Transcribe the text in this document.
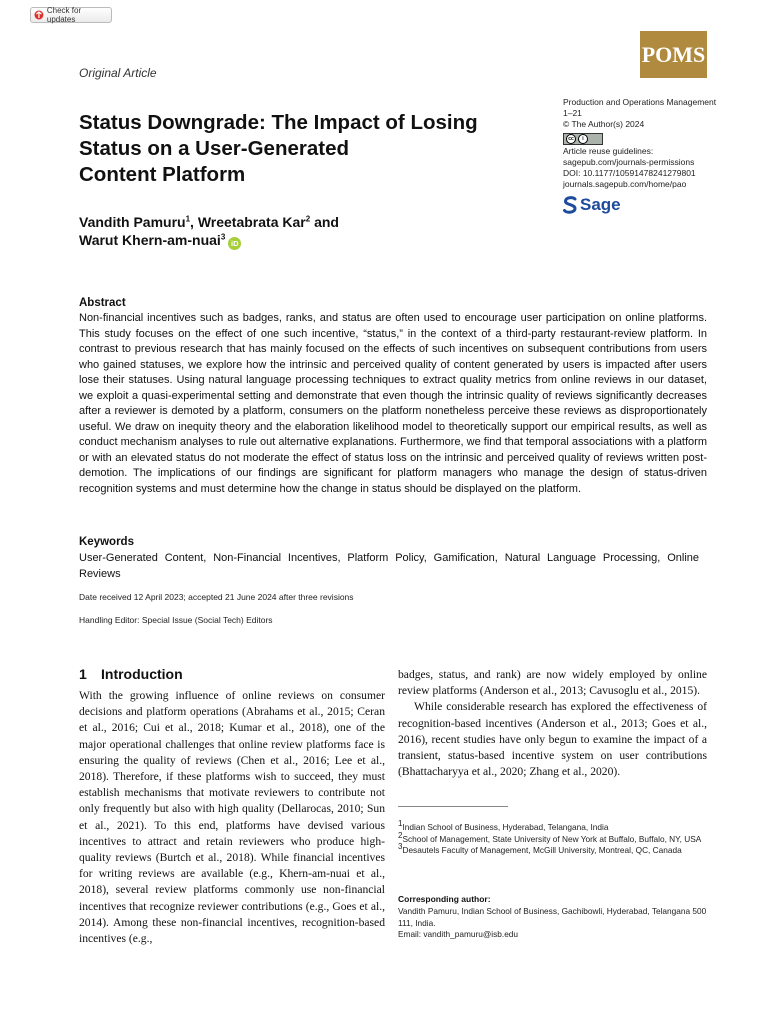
Check for updates
Original Article
POMS
Status Downgrade: The Impact of Losing
Status on a User-Generated
Content Platform
Vandith Pamuru$^1$, Wreetabrata Kar$^2$ and
Warut Khern-am-nuai$^3$iD
Production and Operations Management
1–21
© The Author(s) 2024
cc	i
Article reuse guidelines:
sagepub.com/journals-permissions
DOI: 10.1177/10591478241279801
journals.sagepub.com/home/pao
Sage
Abstract
Non-financial incentives such as badges, ranks, and status are often used to encourage user participation on online platforms. This study focuses on the effect of one such incentive, “status,” in the context of a third-party restaurant-review platform. In contrast to previous research that has mainly focused on the effects of such incentives on subsequent contributions from users who gained statuses, we explore how the intrinsic and perceived quality of content generated by users is impacted after users lose their statuses. Using natural language processing techniques to extract quality metrics from online reviews in our dataset, we exploit a quasi-experimental setting and demonstrate that even though the intrinsic quality of reviews significantly decreases after a reviewer is demoted by a platform, consumers on the platform nonetheless perceive these reviews as disproportionately useful. We draw on inequity theory and the elaboration likelihood model to theoretically support our empirical results, as well as conduct mechanism analyses to rule out alternative explanations. Furthermore, we find that temporal associations with a platform or with an elevated status do not moderate the effect of status loss on the intrinsic and perceived quality of reviews written post-demotion. The implications of our findings are significant for platform managers who manage the design of status-driven recognition systems and must determine how the change in status should be displayed on the platform.
Keywords
User-Generated Content, Non-Financial Incentives, Platform Policy, Gamification, Natural Language Processing, Online Reviews
Date received 12 April 2023; accepted 21 June 2024 after three revisions
Handling Editor: Special Issue (Social Tech) Editors
1 Introduction
With the growing influence of online reviews on consumer decisions and platform operations (Abrahams et al., 2015; Ceran et al., 2016; Cui et al., 2018; Kumar et al., 2018), one of the major operational challenges that online review platforms face is ensuring the quality of reviews (Chen et al., 2016; Lee et al., 2018). Therefore, if these platforms wish to succeed, they must establish mechanisms that motivate reviewers to contribute not only frequently but also with high quality (Dellarocas, 2010; Sun et al., 2021). To this end, platforms have devised various incentives to attract and retain reviewers who produce high-quality reviews (Burtch et al., 2018). While financial incentives for writing reviews are available (e.g., Khern-am-nuai et al., 2018), several review platforms commonly use non-financial incentives that recognize reviewer contributions (e.g., Goes et al., 2014). Among these non-financial incentives, recognition-based incentives (e.g.,

badges, status, and rank) are now widely employed by online review platforms (Anderson et al., 2013; Cavusoglu et al., 2015).

While considerable research has explored the effectiveness of recognition-based incentives (Anderson et al., 2013; Goes et al., 2016), recent studies have only begun to examine the impact of a transient, status-based incentive system on user contributions (Bhattacharyya et al., 2020; Zhang et al., 2020).

$^1$Indian School of Business, Hyderabad, Telangana, India

$^2$School of Management, State University of New York at Buffalo, Buffalo, NY, USA

$^3$Desautels Faculty of Management, McGill University, Montreal, QC, Canada

Corresponding author:

Vandith Pamuru, Indian School of Business, Gachibowli, Hyderabad, Telangana 500 111, India.

Email: vandith_pamuru@isb.edu
